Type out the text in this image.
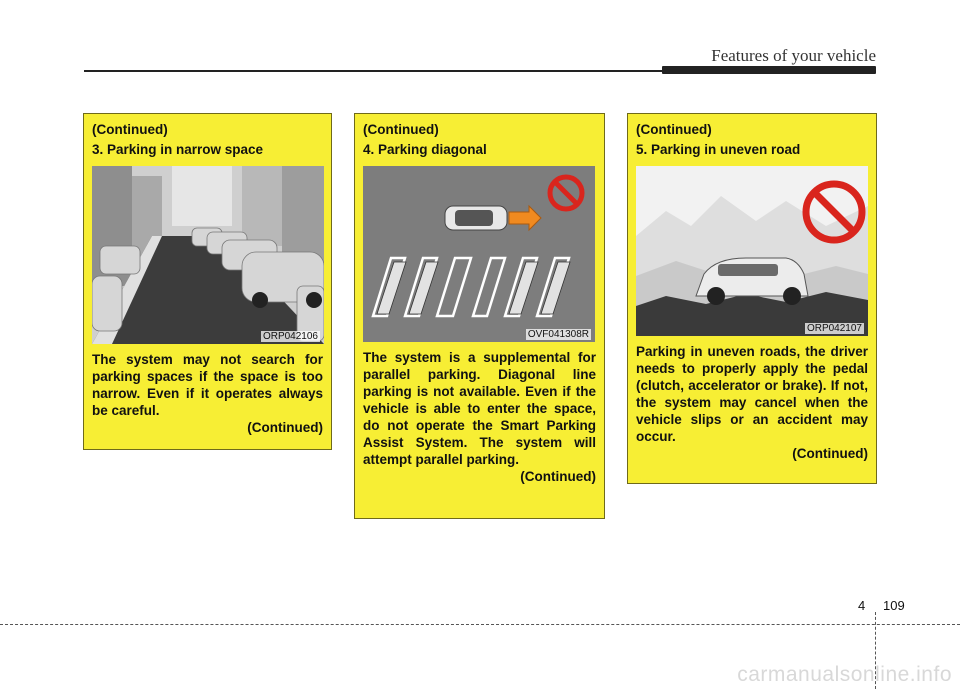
Features of your vehicle
(Continued)
3. Parking in narrow space
ORP042106
The system may not search for parking spaces if the space is too narrow. Even if it operates always be careful.
(Continued)
(Continued)
4. Parking diagonal
OVF041308R
The system is a supplemental for parallel parking. Diagonal line parking is not available. Even if the vehicle is able to enter the space, do not operate the Smart Parking Assist System. The system will attempt parallel parking.
(Continued)
(Continued)
5. Parking in uneven road
ORP042107
Parking in uneven roads, the driver needs to properly apply the pedal (clutch, accelerator or brake). If not, the system may cancel when the vehicle slips or an accident may occur.
(Continued)
4 109
carmanualsonline.info
